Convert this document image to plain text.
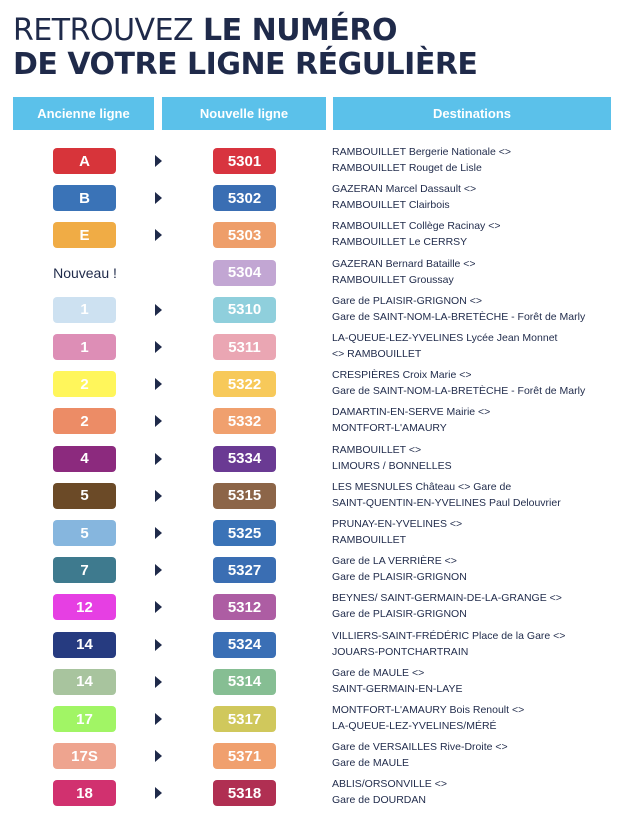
RETROUVEZ LE NUMÉRO
DE VOTRE LIGNE RÉGULIÈRE
Ancienne ligne	Nouvelle ligne	Destinations
A	5301
RAMBOUILLET Bergerie Nationale <>
RAMBOUILLET Rouget de Lisle
B	5302
GAZERAN Marcel Dassault <>
RAMBOUILLET Clairbois
E	5303
RAMBOUILLET Collège Racinay <>
RAMBOUILLET Le CERRSY
Nouveau !	5304
GAZERAN Bernard Bataille <>
RAMBOUILLET Groussay
1	5310
Gare de PLAISIR-GRIGNON <>
Gare de SAINT-NOM-LA-BRETÈCHE - Forêt de Marly
1	5311
LA-QUEUE-LEZ-YVELINES Lycée Jean Monnet
<> RAMBOUILLET
2	5322
CRESPIÈRES Croix Marie <>
Gare de SAINT-NOM-LA-BRETÈCHE - Forêt de Marly
2	5332
DAMARTIN-EN-SERVE Mairie <>
MONTFORT-L'AMAURY
4	5334
RAMBOUILLET <>
LIMOURS / BONNELLES
5	5315
LES MESNULES Château <> Gare de
SAINT-QUENTIN-EN-YVELINES Paul Delouvrier
5	5325
PRUNAY-EN-YVELINES <>
RAMBOUILLET
7	5327
Gare de LA VERRIÈRE <>
Gare de PLAISIR-GRIGNON
12	5312
BEYNES/ SAINT-GERMAIN-DE-LA-GRANGE <>
Gare de PLAISIR-GRIGNON
14	5324
VILLIERS-SAINT-FRÉDÉRIC Place de la Gare <>
JOUARS-PONTCHARTRAIN
14	5314
Gare de MAULE <>
SAINT-GERMAIN-EN-LAYE
17	5317
MONTFORT-L'AMAURY Bois Renoult <>
LA-QUEUE-LEZ-YVELINES/MÉRÉ
17S	5371
Gare de VERSAILLES Rive-Droite <>
Gare de MAULE
18	5318
ABLIS/ORSONVILLE <>
Gare de DOURDAN
